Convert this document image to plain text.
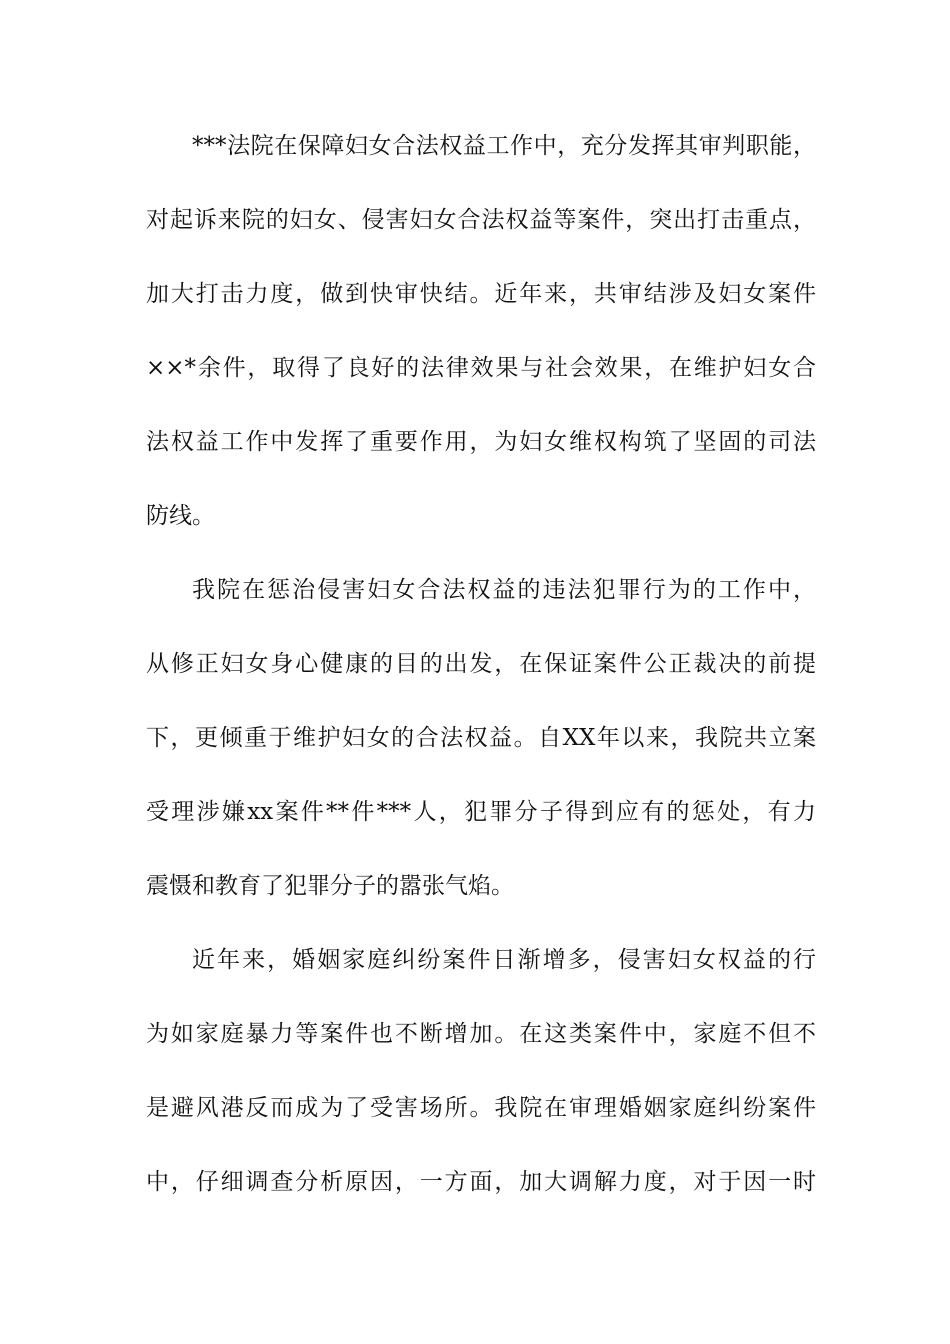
***法院在保障妇女合法权益工作中，充分发挥其审判职能，
对起诉来院的妇女、侵害妇女合法权益等案件，突出打击重点，
加大打击力度，做到快审快结。近年来，共审结涉及妇女案件
××*余件，取得了良好的法律效果与社会效果，在维护妇女合
法权益工作中发挥了重要作用，为妇女维权构筑了坚固的司法
防线。
我院在惩治侵害妇女合法权益的违法犯罪行为的工作中，
从修正妇女身心健康的目的出发，在保证案件公正裁决的前提
下，更倾重于维护妇女的合法权益。自XX年以来，我院共立案
受理涉嫌xx案件**件***人，犯罪分子得到应有的惩处，有力
震慑和教育了犯罪分子的嚣张气焰。
近年来，婚姻家庭纠纷案件日渐增多，侵害妇女权益的行
为如家庭暴力等案件也不断增加。在这类案件中，家庭不但不
是避风港反而成为了受害场所。我院在审理婚姻家庭纠纷案件
中，仔细调查分析原因，一方面，加大调解力度，对于因一时
